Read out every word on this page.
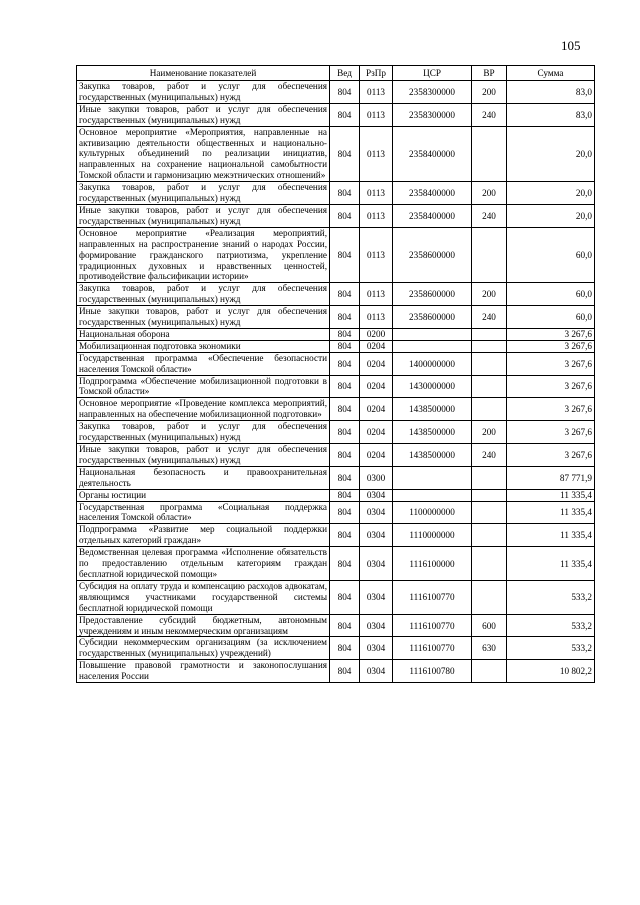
105
Наименование показателей	Вед	РзПр	ЦСР	ВР	Сумма
Закупка товаров, работ и услуг для обеспечения государственных (муниципальных) нужд	804	0113	2358300000	200	83,0
Иные закупки товаров, работ и услуг для обеспечения государственных (муниципальных) нужд	804	0113	2358300000	240	83,0
Основное мероприятие «Мероприятия, направленные на активизацию деятельности общественных и национально-культурных объединений по реализации инициатив, направленных на сохранение национальной самобытности Томской области и гармонизацию межэтнических отношений»	804	0113	2358400000		20,0
Закупка товаров, работ и услуг для обеспечения государственных (муниципальных) нужд	804	0113	2358400000	200	20,0
Иные закупки товаров, работ и услуг для обеспечения государственных (муниципальных) нужд	804	0113	2358400000	240	20,0
Основное мероприятие «Реализация мероприятий, направленных на распространение знаний о народах России, формирование гражданского патриотизма, укрепление традиционных духовных и нравственных ценностей, противодействие фальсификации истории»	804	0113	2358600000		60,0
Закупка товаров, работ и услуг для обеспечения государственных (муниципальных) нужд	804	0113	2358600000	200	60,0
Иные закупки товаров, работ и услуг для обеспечения государственных (муниципальных) нужд	804	0113	2358600000	240	60,0
Национальная оборона	804	0200			3 267,6
Мобилизационная подготовка экономики	804	0204			3 267,6
Государственная программа «Обеспечение безопасности населения Томской области»	804	0204	1400000000		3 267,6
Подпрограмма «Обеспечение мобилизационной подготовки в Томской области»	804	0204	1430000000		3 267,6
Основное мероприятие «Проведение комплекса мероприятий, направленных на обеспечение мобилизационной подготовки»	804	0204	1438500000		3 267,6
Закупка товаров, работ и услуг для обеспечения государственных (муниципальных) нужд	804	0204	1438500000	200	3 267,6
Иные закупки товаров, работ и услуг для обеспечения государственных (муниципальных) нужд	804	0204	1438500000	240	3 267,6
Национальная безопасность и правоохранительная деятельность	804	0300			87 771,9
Органы юстиции	804	0304			11 335,4
Государственная программа «Социальная поддержка населения Томской области»	804	0304	1100000000		11 335,4
Подпрограмма «Развитие мер социальной поддержки отдельных категорий граждан»	804	0304	1110000000		11 335,4
Ведомственная целевая программа «Исполнение обязательств по предоставлению отдельным категориям граждан бесплатной юридической помощи»	804	0304	1116100000		11 335,4
Субсидия на оплату труда и компенсацию расходов адвокатам, являющимся участниками государственной системы бесплатной юридической помощи	804	0304	1116100770		533,2
Предоставление субсидий бюджетным, автономным учреждениям и иным некоммерческим организациям	804	0304	1116100770	600	533,2
Субсидии некоммерческим организациям (за исключением государственных (муниципальных) учреждений)	804	0304	1116100770	630	533,2
Повышение правовой грамотности и законопослушания населения России	804	0304	1116100780		10 802,2
